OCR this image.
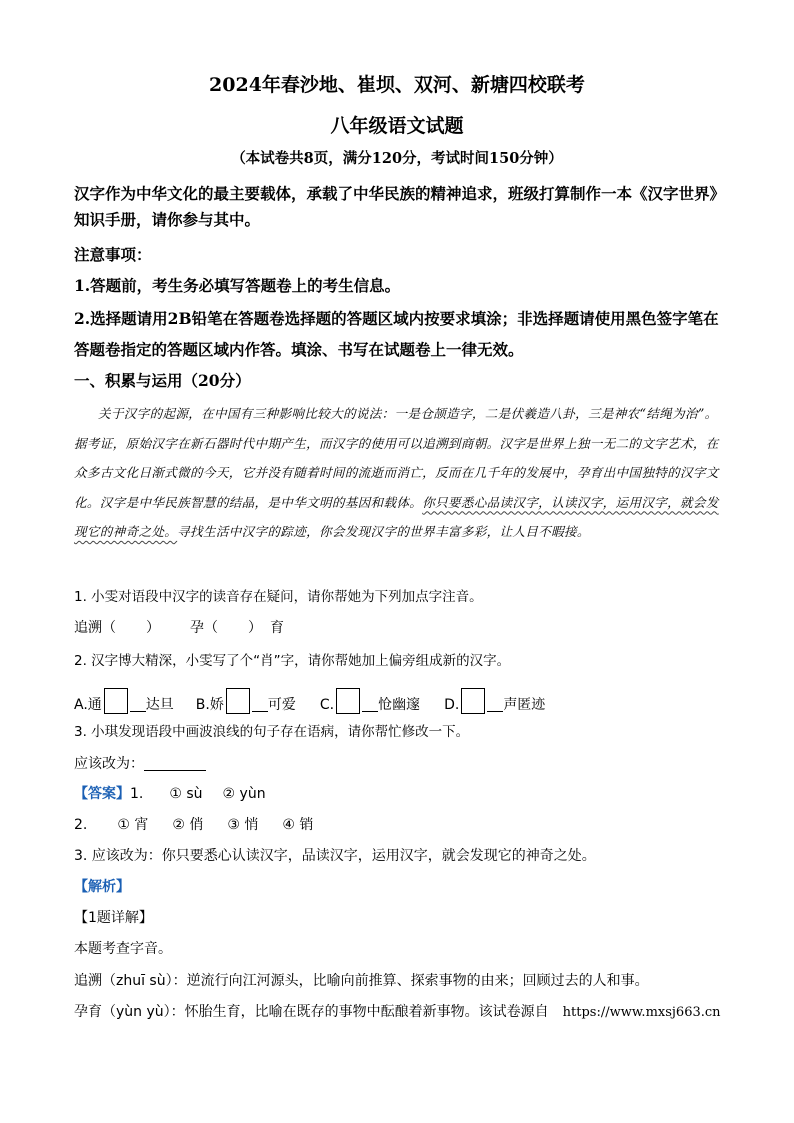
2024年春沙地、崔坝、双河、新塘四校联考
八年级语文试题
（本试卷共8页，满分120分，考试时间150分钟）
汉字作为中华文化的最主要载体，承载了中华民族的精神追求，班级打算制作一本《汉字世界》知识手册，请你参与其中。
注意事项：
1.答题前，考生务必填写答题卷上的考生信息。
2.选择题请用2B铅笔在答题卷选择题的答题区域内按要求填涂；非选择题请使用黑色签字笔在答题卷指定的答题区域内作答。填涂、书写在试题卷上一律无效。
一、积累与运用（20分）

关于汉字的起源，在中国有三种影响比较大的说法：一是仓颉造字，二是伏羲造八卦，三是神农“结绳为治”。据考证，原始汉字在新石器时代中期产生，而汉字的使用可以追溯到商朝。汉字是世界上独一无二的文字艺术，在众多古文化日渐式微的今天，它并没有随着时间的流逝而消亡，反而在几千年的发展中，孕育出中国独特的汉字文化。汉字是中华民族智慧的结晶，是中华文明的基因和载体。你只要悉心品读汉字，认读汉字，运用汉字，就会发现它的神奇之处。寻找生活中汉字的踪迹，你会发现汉字的世界丰富多彩，让人目不暇接。

1. 小雯对语段中汉字的读音存在疑问，请你帮她为下列加点字注音。
追溯（ ） 孕（ ） 育
2. 汉字博大精深，小雯写了个“肖”字，请你帮她加上偏旁组成新的汉字。
A.通	达旦 B.娇	可爱 C.	怆幽邃 D.	声匿迹
3. 小琪发现语段中画波浪线的句子存在语病，请你帮忙修改一下。
应该改为：
【答案】1. ① sù ② yùn
2. ① 宵 ② 俏 ③ 悄 ④ 销
3. 应该改为：你只要悉心认读汉字，品读汉字，运用汉字，就会发现它的神奇之处。
【解析】
【1题详解】
本题考查字音。
追溯（zhuī sù）：逆流行向江河源头，比喻向前推算、探索事物的由来；回顾过去的人和事。
孕育（yùn yù）：怀胎生育，比喻在既存的事物中酝酿着新事物。该试卷源自 https://www.mxsj663.cn
